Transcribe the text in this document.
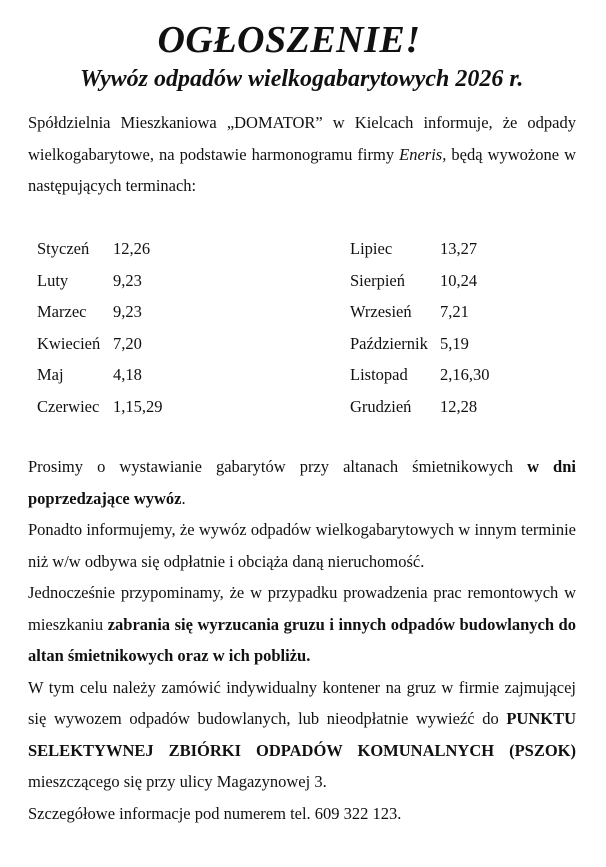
OGŁOSZENIE!
Wywóz odpadów wielkogabarytowych 2026 r.

Spółdzielnia Mieszkaniowa „DOMATOR” w Kielcach informuje, że odpady wielkogabarytowe, na podstawie harmonogramu firmy Eneris, będą wywożone w następujących terminach:

Styczeń	12,26
Luty	9,23
Marzec	9,23
Kwiecień 7,20
Maj	4,18
Czerwiec 1,15,29
Lipiec	13,27
Sierpień	10,24
Wrzesień	7,21
Październik 5,19
Listopad	2,16,30
Grudzień	12,28
Prosimy o wystawianie gabarytów przy altanach śmietnikowych w dni poprzedzające wywóz.
Ponadto informujemy, że wywóz odpadów wielkogabarytowych w innym terminie niż w/w odbywa się odpłatnie i obciąża daną nieruchomość.
Jednocześnie przypominamy, że w przypadku prowadzenia prac remontowych w mieszkaniu zabrania się wyrzucania gruzu i innych odpadów budowlanych do altan śmietnikowych oraz w ich pobliżu.
W tym celu należy zamówić indywidualny kontener na gruz w firmie zajmującej się wywozem odpadów budowlanych, lub nieodpłatnie wywieźć do PUNKTU SELEKTYWNEJ ZBIÓRKI ODPADÓW KOMUNALNYCH (PSZOK) mieszczącego się przy ulicy Magazynowej 3.
Szczegółowe informacje pod numerem tel. 609 322 123.
